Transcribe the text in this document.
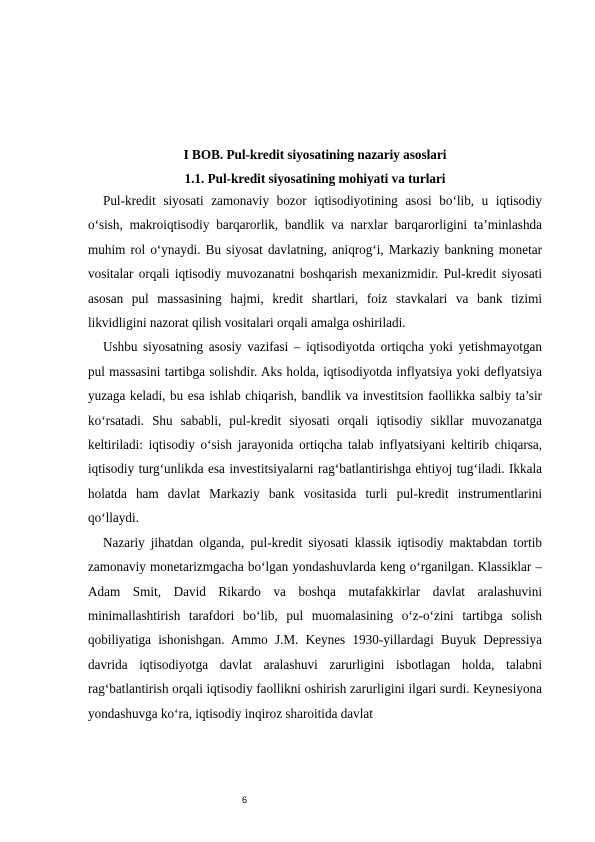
I BOB. Pul-kredit siyosatining nazariy asoslari
1.1. Pul-kredit siyosatining mohiyati va turlari

Pul-kredit siyosati zamonaviy bozor iqtisodiyotining asosi bo‘lib, u iqtisodiy o‘sish, makroiqtisodiy barqarorlik, bandlik va narxlar barqarorligini ta’minlashda muhim rol o‘ynaydi. Bu siyosat davlatning, aniqrog‘i, Markaziy bankning monetar vositalar orqali iqtisodiy muvozanatni boshqarish mexanizmidir. Pul-kredit siyosati asosan pul massasining hajmi, kredit shartlari, foiz stavkalari va bank tizimi likvidligini nazorat qilish vositalari orqali amalga oshiriladi.

Ushbu siyosatning asosiy vazifasi – iqtisodiyotda ortiqcha yoki yetishmayotgan pul massasini tartibga solishdir. Aks holda, iqtisodiyotda inflyatsiya yoki deflyatsiya yuzaga keladi, bu esa ishlab chiqarish, bandlik va investitsion faollikka salbiy ta’sir ko‘rsatadi. Shu sababli, pul-kredit siyosati orqali iqtisodiy sikllar muvozanatga keltiriladi: iqtisodiy o‘sish jarayonida ortiqcha talab inflyatsiyani keltirib chiqarsa, iqtisodiy turg‘unlikda esa investitsiyalarni rag‘batlantirishga ehtiyoj tug‘iladi. Ikkala holatda ham davlat Markaziy bank vositasida turli pul-kredit instrumentlarini qo‘llaydi.

Nazariy jihatdan olganda, pul-kredit siyosati klassik iqtisodiy maktabdan tortib zamonaviy monetarizmgacha bo‘lgan yondashuvlarda keng o‘rganilgan. Klassiklar – Adam Smit, David Rikardo va boshqa mutafakkirlar davlat aralashuvini minimallashtirish tarafdori bo‘lib, pul muomalasining o‘z-o‘zini tartibga solish qobiliyatiga ishonishgan. Ammo J.M. Keynes 1930-yillardagi Buyuk Depressiya davrida iqtisodiyotga davlat aralashuvi zarurligini isbotlagan holda, talabni rag‘batlantirish orqali iqtisodiy faollikni oshirish zarurligini ilgari surdi. Keynesiyona yondashuvga ko‘ra, iqtisodiy inqiroz sharoitida davlat

6
